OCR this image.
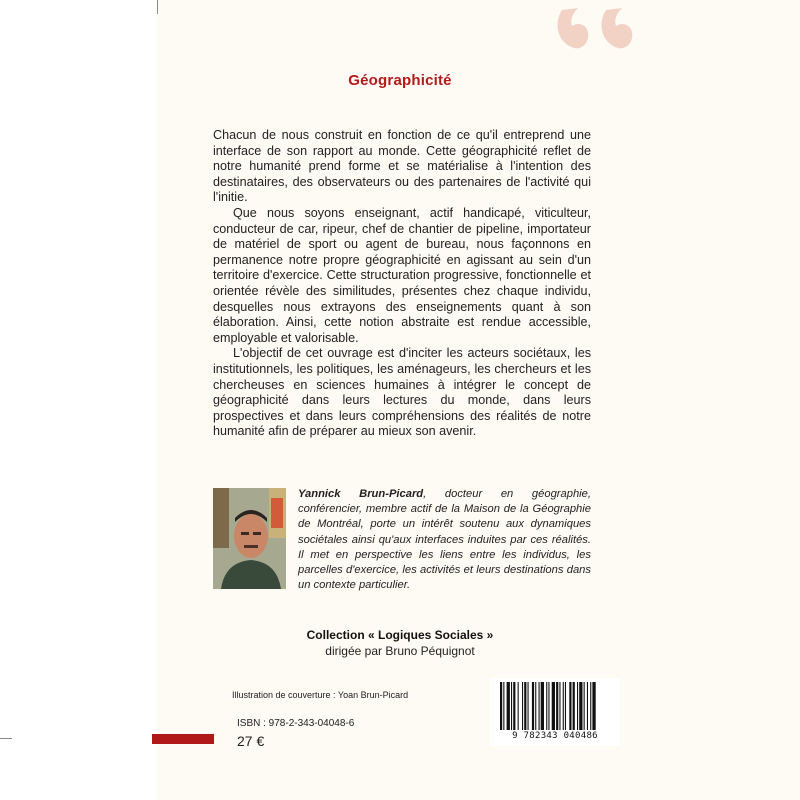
Géographicité

Chacun de nous construit en fonction de ce qu'il entreprend une interface de son rapport au monde. Cette géographicité reflet de notre humanité prend forme et se matérialise à l'intention des destinataires, des observateurs ou des partenaires de l'activité qui l'initie.

Que nous soyons enseignant, actif handicapé, viticulteur, conducteur de car, ripeur, chef de chantier de pipeline, importateur de matériel de sport ou agent de bureau, nous façonnons en permanence notre propre géographicité en agissant au sein d'un territoire d'exercice. Cette structuration progressive, fonctionnelle et orientée révèle des similitudes, présentes chez chaque individu, desquelles nous extrayons des enseignements quant à son élaboration. Ainsi, cette notion abstraite est rendue accessible, employable et valorisable.

L'objectif de cet ouvrage est d'inciter les acteurs sociétaux, les institutionnels, les politiques, les aménageurs, les chercheurs et les chercheuses en sciences humaines à intégrer le concept de géographicité dans leurs lectures du monde, dans leurs prospectives et dans leurs compréhensions des réalités de notre humanité afin de préparer au mieux son avenir.

Yannick Brun-Picard, docteur en géographie, conférencier, membre actif de la Maison de la Géographie de Montréal, porte un intérêt soutenu aux dynamiques sociétales ainsi qu'aux interfaces induites par ces réalités. Il met en perspective les liens entre les individus, les parcelles d'exercice, les activités et leurs destinations dans un contexte particulier.
Collection « Logiques Sociales »
dirigée par Bruno Péquignot
Illustration de couverture : Yoan Brun-Picard
ISBN : 978-2-343-04048-6
27 €	9 782343 040486
